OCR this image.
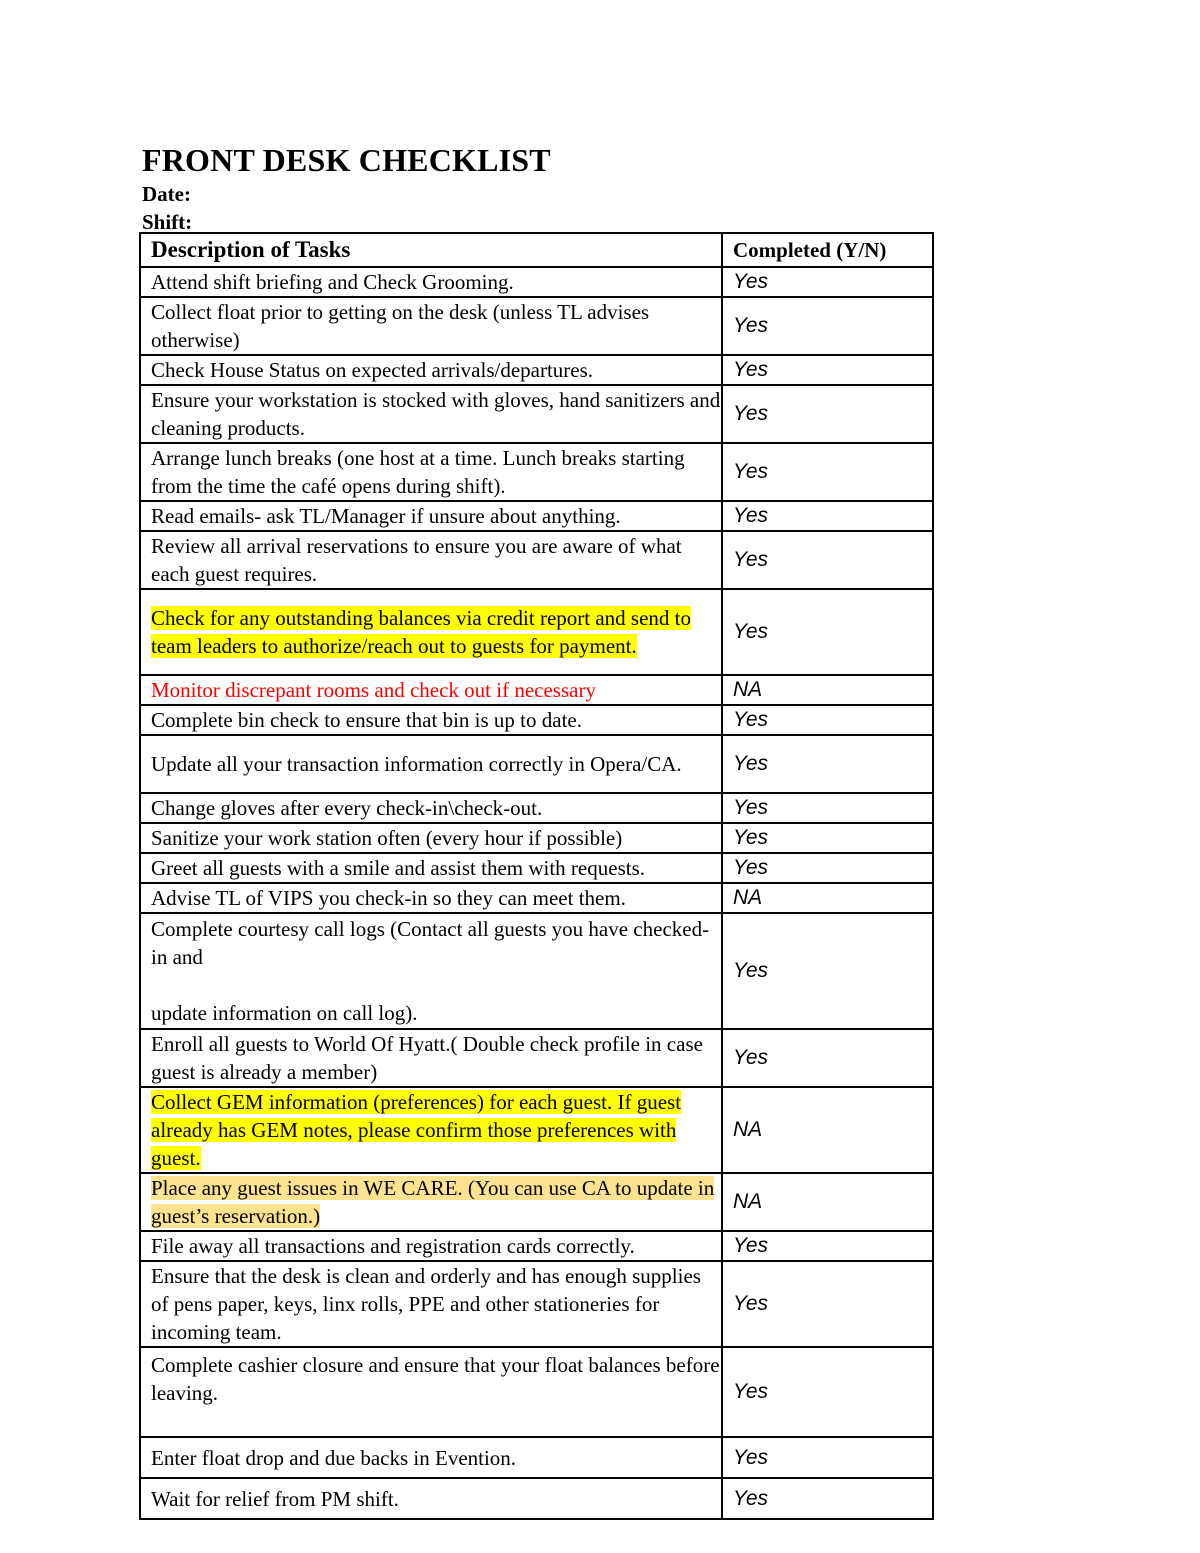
FRONT DESK CHECKLIST

Date:

Shift:

Description of Tasks	Completed (Y/N)
Attend shift briefing and Check Grooming.	Yes
Collect float prior to getting on the desk (unless TL advises otherwise)	Yes
Check House Status on expected arrivals/departures.	Yes
Ensure your workstation is stocked with gloves, hand sanitizers and cleaning products.	Yes
Arrange lunch breaks (one host at a time. Lunch breaks starting from the time the café opens during shift).	Yes
Read emails- ask TL/Manager if unsure about anything.	Yes
Review all arrival reservations to ensure you are aware of what each guest requires.	Yes
Check for any outstanding balances via credit report and send to team leaders to authorize/reach out to guests for payment.	Yes
Monitor discrepant rooms and check out if necessary	NA
Complete bin check to ensure that bin is up to date.	Yes
Update all your transaction information correctly in Opera/CA.	Yes
Change gloves after every check-in\check-out.	Yes
Sanitize your work station often (every hour if possible)	Yes
Greet all guests with a smile and assist them with requests.	Yes
Advise TL of VIPS you check-in so they can meet them.	NA
Complete courtesy call logs (Contact all guests you have checked-in and
update information on call log).	Yes
Enroll all guests to World Of Hyatt.( Double check profile in case guest is already a member)	Yes
Collect GEM information (preferences) for each guest. If guest already has GEM notes, please confirm those preferences with guest.	NA
Place any guest issues in WE CARE. (You can use CA to update in guest’s reservation.)	NA
File away all transactions and registration cards correctly.	Yes
Ensure that the desk is clean and orderly and has enough supplies of pens paper, keys, linx rolls, PPE and other stationeries for incoming team.	Yes
Complete cashier closure and ensure that your float balances before leaving.	Yes
Enter float drop and due backs in Evention.	Yes
Wait for relief from PM shift.	Yes
